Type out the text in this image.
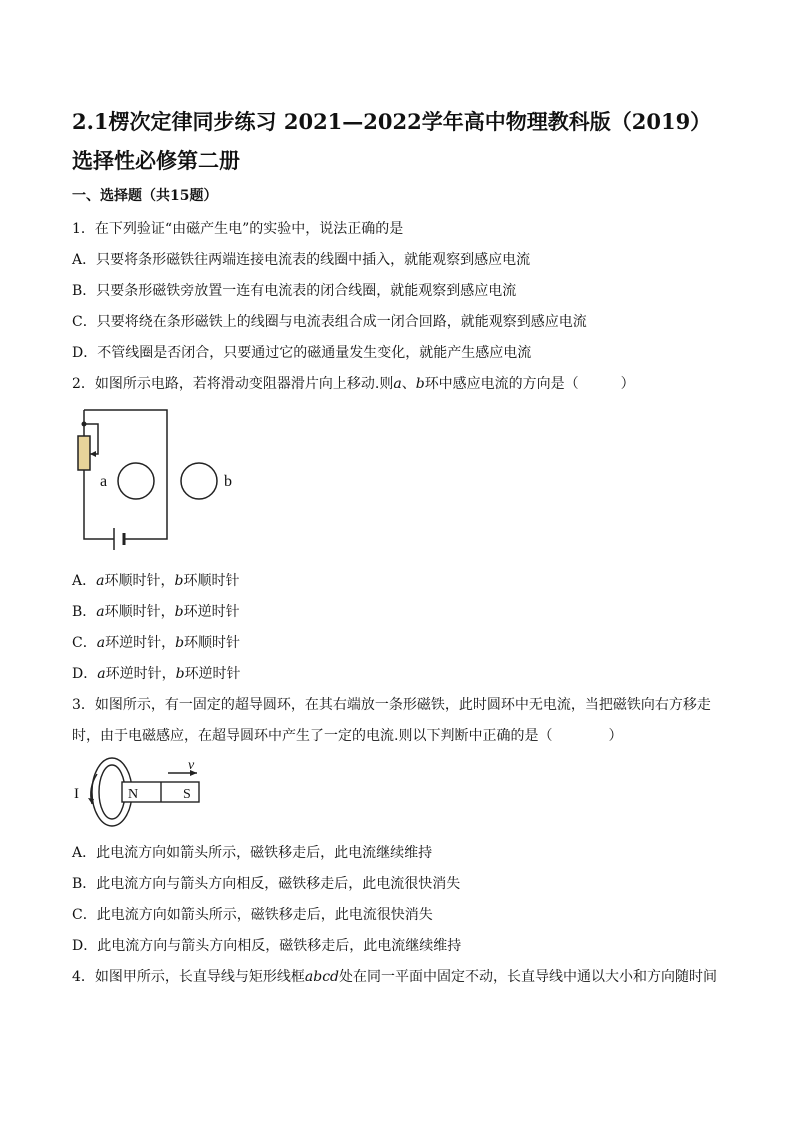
2.1楞次定律同步练习 2021—2022学年高中物理教科版（2019）选择性必修第二册

一、选择题（共15题）

1．在下列验证“由磁产生电”的实验中，说法正确的是

A．只要将条形磁铁往两端连接电流表的线圈中插入，就能观察到感应电流

B．只要条形磁铁旁放置一连有电流表的闭合线圈，就能观察到感应电流

C．只要将绕在条形磁铁上的线圈与电流表组合成一闭合回路，就能观察到感应电流

D．不管线圈是否闭合，只要通过它的磁通量发生变化，就能产生感应电流

2．如图所示电路，若将滑动变阻器滑片向上移动.则a、b环中感应电流的方向是（　　　）

a	b

A．a环顺时针，b环顺时针

B．a环顺时针，b环逆时针

C．a环逆时针，b环顺时针

D．a环逆时针，b环逆时针

3．如图所示，有一固定的超导圆环，在其右端放一条形磁铁，此时圆环中无电流，当把磁铁向右方移走时，由于电磁感应，在超导圆环中产生了一定的电流.则以下判断中正确的是（　　　　）

I	N	S
v

A．此电流方向如箭头所示，磁铁移走后，此电流继续维持

B．此电流方向与箭头方向相反，磁铁移走后，此电流很快消失

C．此电流方向如箭头所示，磁铁移走后，此电流很快消失

D．此电流方向与箭头方向相反，磁铁移走后，此电流继续维持

4．如图甲所示，长直导线与矩形线框abcd处在同一平面中固定不动，长直导线中通以大小和方向随时间
